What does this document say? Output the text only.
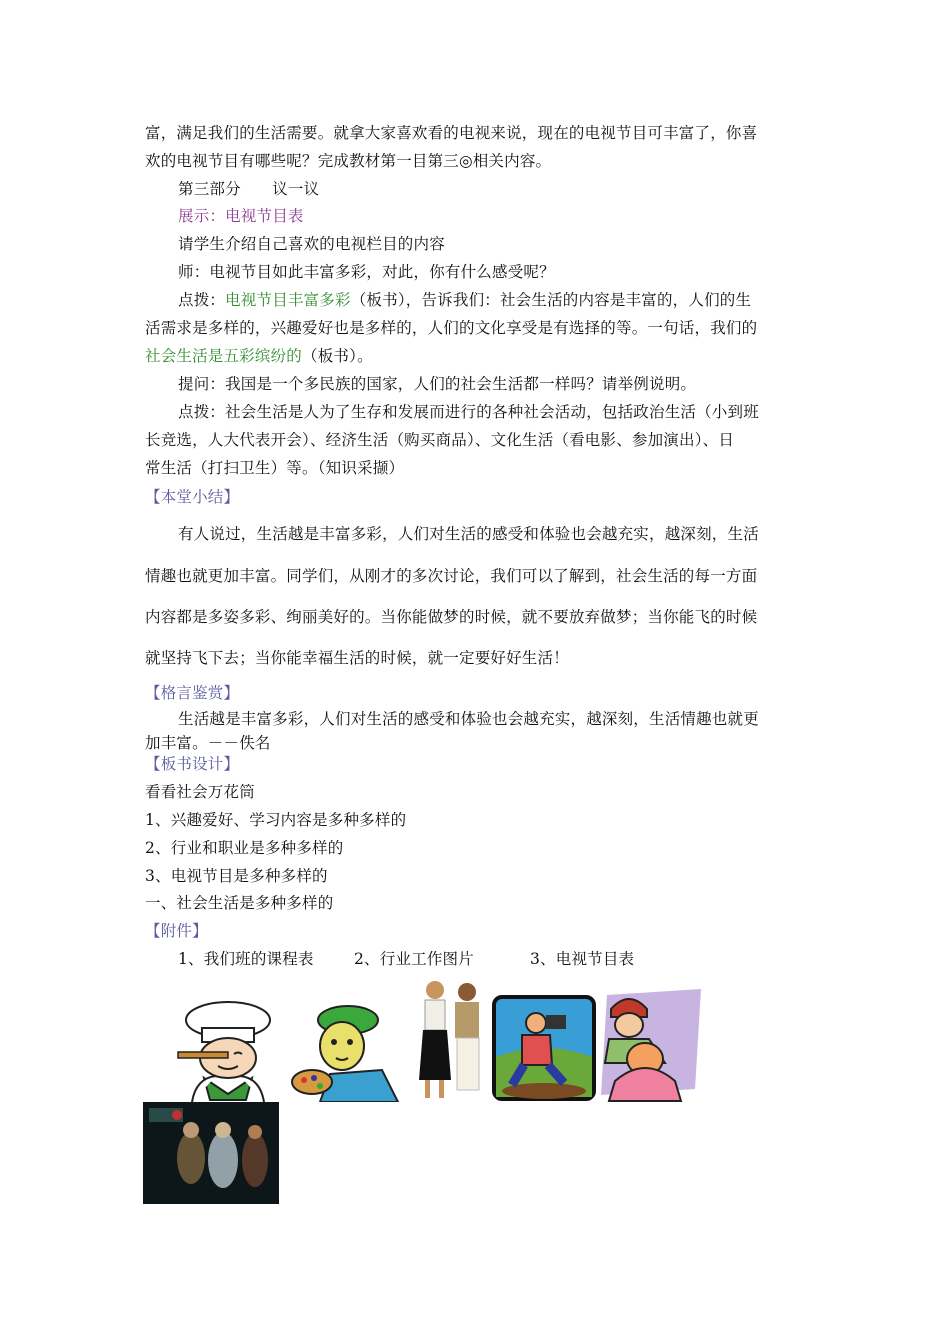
富，满足我们的生活需要。就拿大家喜欢看的电视来说，现在的电视节目可丰富了，你喜
欢的电视节目有哪些呢？完成教材第一目第三◎相关内容。
第三部分　　议一议
展示：电视节目表
请学生介绍自己喜欢的电视栏目的内容
师：电视节目如此丰富多彩，对此，你有什么感受呢？
点拨：电视节目丰富多彩（板书），告诉我们：社会生活的内容是丰富的，人们的生
活需求是多样的，兴趣爱好也是多样的，人们的文化享受是有选择的等。一句话，我们的
社会生活是五彩缤纷的（板书）。
提问：我国是一个多民族的国家，人们的社会生活都一样吗？请举例说明。
点拨：社会生活是人为了生存和发展而进行的各种社会活动，包括政治生活（小到班
长竞选，人大代表开会）、经济生活（购买商品）、文化生活（看电影、参加演出）、日
常生活（打扫卫生）等。（知识采撷）
【本堂小结】
有人说过，生活越是丰富多彩，人们对生活的感受和体验也会越充实，越深刻，生活
情趣也就更加丰富。同学们，从刚才的多次讨论，我们可以了解到，社会生活的每一方面
内容都是多姿多彩、绚丽美好的。当你能做梦的时候，就不要放弃做梦；当你能飞的时候
就坚持飞下去；当你能幸福生活的时候，就一定要好好生活！
【格言鉴赏】
生活越是丰富多彩，人们对生活的感受和体验也会越充实，越深刻，生活情趣也就更
加丰富。－－佚名
【板书设计】
看看社会万花筒
1、兴趣爱好、学习内容是多种多样的
2、行业和职业是多种多样的
3、电视节目是多种多样的
一、社会生活是多种多样的
【附件】
1、我们班的课程表	2、行业工作图片	3、电视节目表
